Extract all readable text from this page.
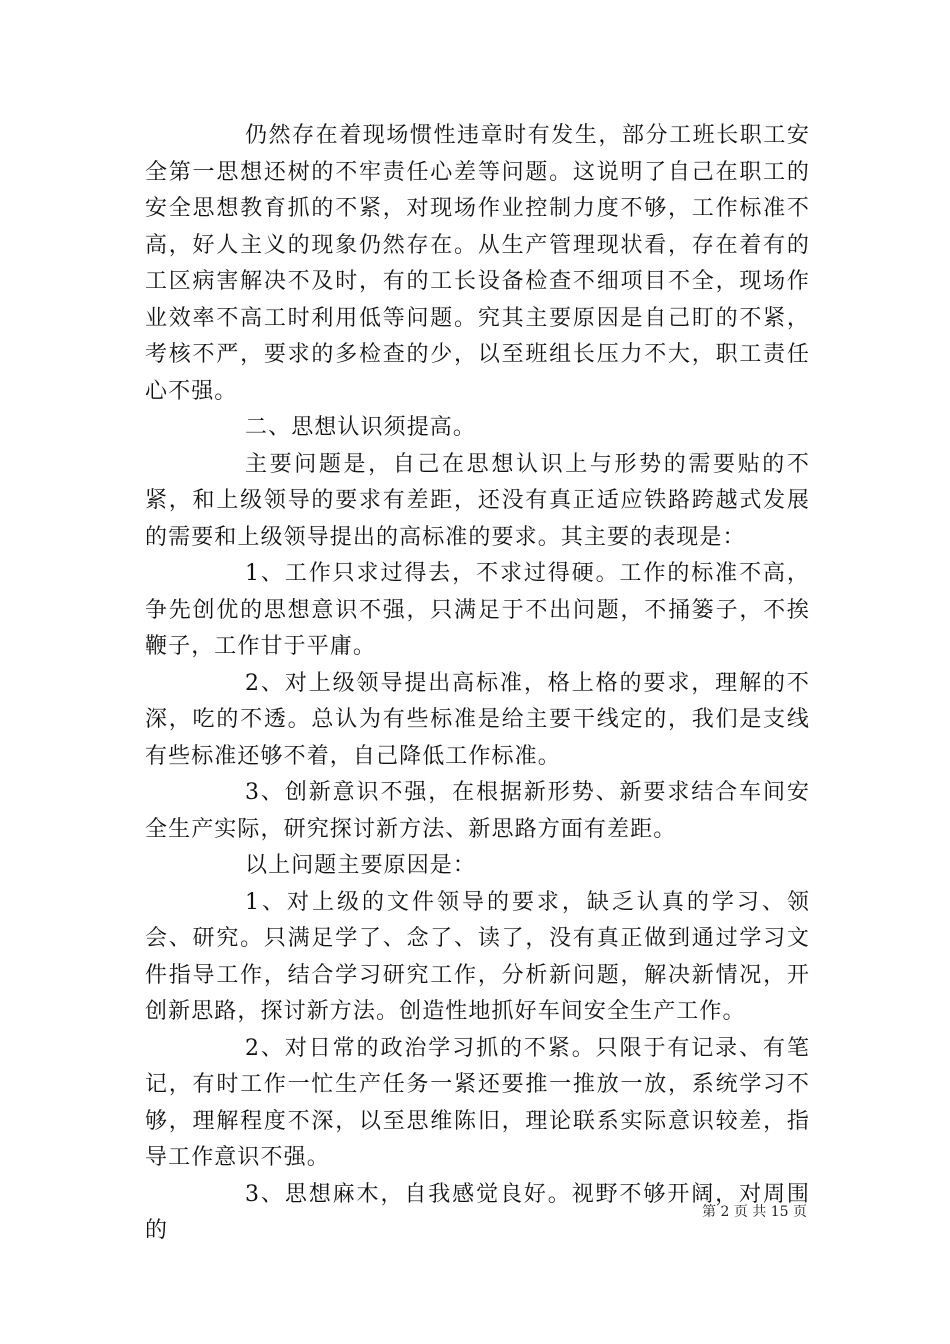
仍然存在着现场惯性违章时有发生，部分工班长职工安全第一思想还树的不牢责任心差等问题。这说明了自己在职工的安全思想教育抓的不紧，对现场作业控制力度不够，工作标准不高，好人主义的现象仍然存在。从生产管理现状看，存在着有的工区病害解决不及时，有的工长设备检查不细项目不全，现场作业效率不高工时利用低等问题。究其主要原因是自己盯的不紧，考核不严，要求的多检查的少，以至班组长压力不大，职工责任心不强。

二、思想认识须提高。

主要问题是，自己在思想认识上与形势的需要贴的不紧，和上级领导的要求有差距，还没有真正适应铁路跨越式发展的需要和上级领导提出的高标准的要求。其主要的表现是：

1、工作只求过得去，不求过得硬。工作的标准不高，争先创优的思想意识不强，只满足于不出问题，不捅篓子，不挨鞭子，工作甘于平庸。

2、对上级领导提出高标准，格上格的要求，理解的不深，吃的不透。总认为有些标准是给主要干线定的，我们是支线有些标准还够不着，自己降低工作标准。

3、创新意识不强，在根据新形势、新要求结合车间安全生产实际，研究探讨新方法、新思路方面有差距。

以上问题主要原因是：

1、对上级的文件领导的要求，缺乏认真的学习、领会、研究。只满足学了、念了、读了，没有真正做到通过学习文件指导工作，结合学习研究工作，分析新问题，解决新情况，开创新思路，探讨新方法。创造性地抓好车间安全生产工作。

2、对日常的政治学习抓的不紧。只限于有记录、有笔记，有时工作一忙生产任务一紧还要推一推放一放，系统学习不够，理解程度不深，以至思维陈旧，理论联系实际意识较差，指导工作意识不强。

3、思想麻木，自我感觉良好。视野不够开阔，对周围的

第 2 页 共 15 页
